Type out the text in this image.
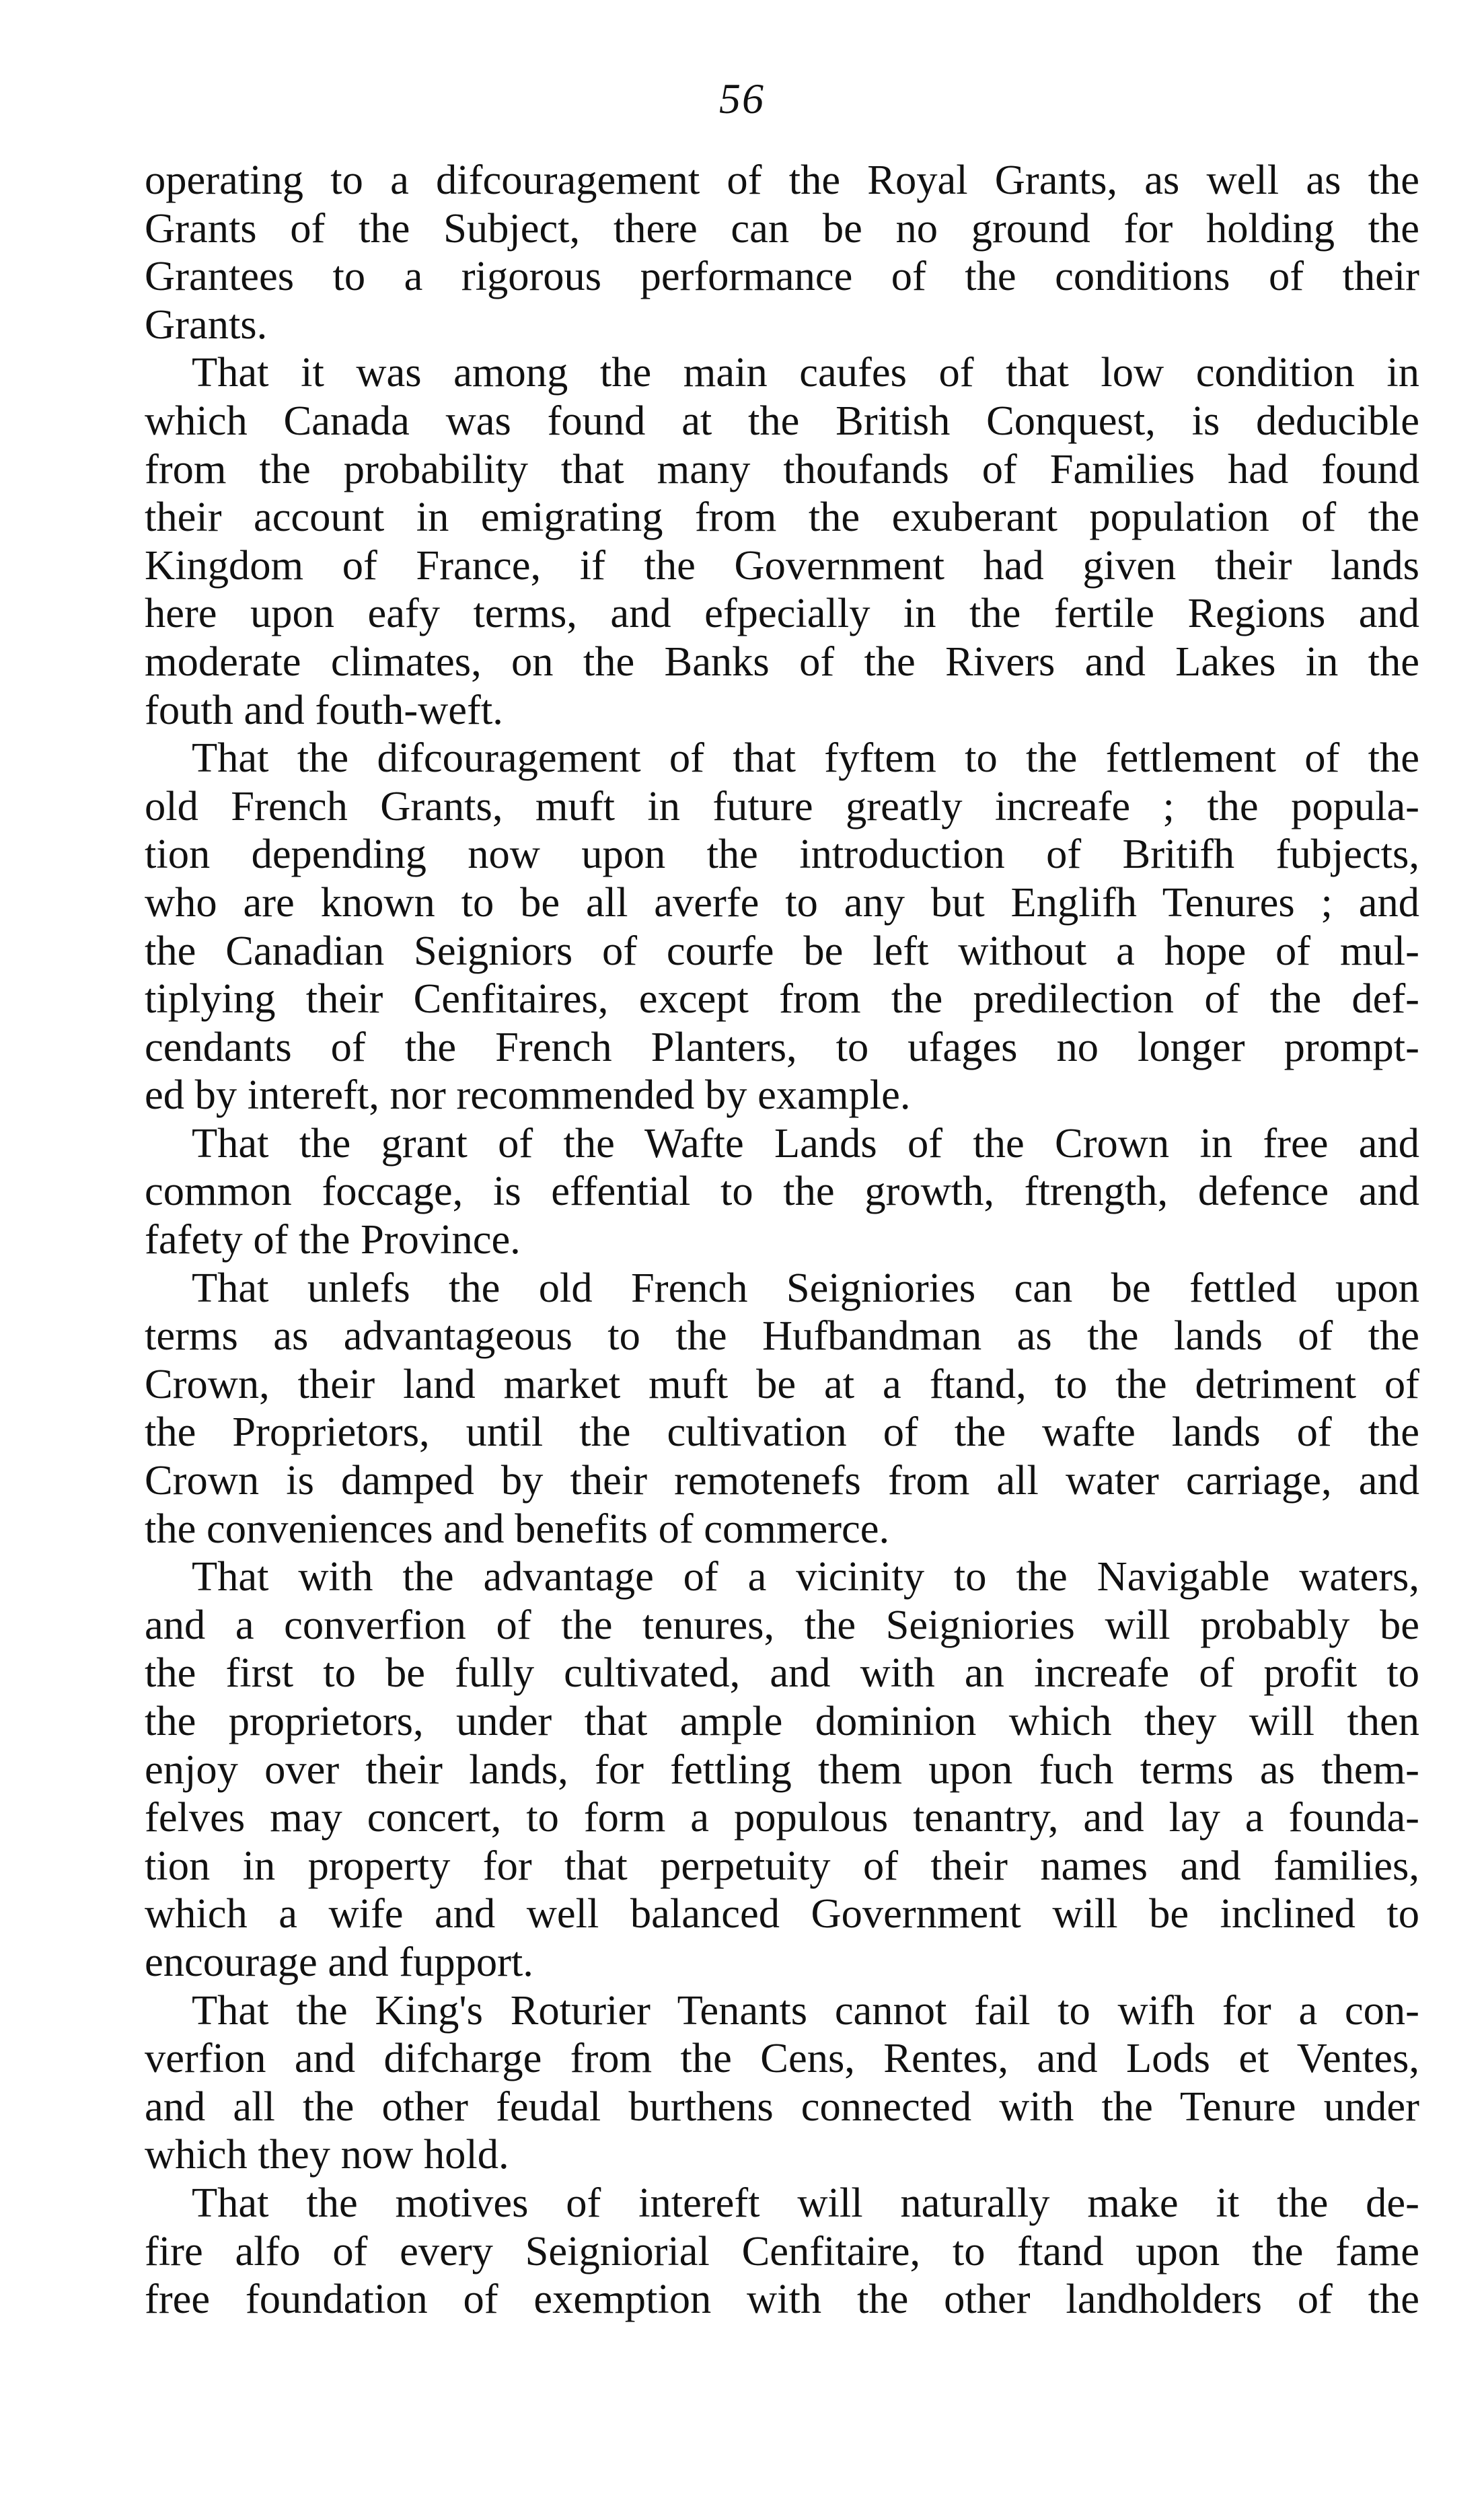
56
operating to a difcouragement of the Royal Grants, as well as the
Grants of the Subject, there can be no ground for holding the
Grantees to a rigorous performance of the conditions of their
Grants.
That it was among the main caufes of that low condition in
which Canada was found at the British Conquest, is deducible
from the probability that many thoufands of Families had found
their account in emigrating from the exuberant population of the
Kingdom of France, if the Government had given their lands
here upon eafy terms, and efpecially in the fertile Regions and
moderate climates, on the Banks of the Rivers and Lakes in the
fouth and fouth-weft.
That the difcouragement of that fyftem to the fettlement of the
old French Grants, muft in future greatly increafe ; the popula-
tion depending now upon the introduction of Britifh fubjects,
who are known to be all averfe to any but Englifh Tenures ; and
the Canadian Seigniors of courfe be left without a hope of mul-
tiplying their Cenfitaires, except from the predilection of the def-
cendants of the French Planters, to ufages no longer prompt-
ed by intereft, nor recommended by example.
That the grant of the Wafte Lands of the Crown in free and
common foccage, is effential to the growth, ftrength, defence and
fafety of the Province.
That unlefs the old French Seigniories can be fettled upon
terms as advantageous to the Hufbandman as the lands of the
Crown, their land market muft be at a ftand, to the detriment of
the Proprietors, until the cultivation of the wafte lands of the
Crown is damped by their remotenefs from all water carriage, and
the conveniences and benefits of commerce.
That with the advantage of a vicinity to the Navigable waters,
and a converfion of the tenures, the Seigniories will probably be
the first to be fully cultivated, and with an increafe of profit to
the proprietors, under that ample dominion which they will then
enjoy over their lands, for fettling them upon fuch terms as them-
felves may concert, to form a populous tenantry, and lay a founda-
tion in property for that perpetuity of their names and families,
which a wife and well balanced Government will be inclined to
encourage and fupport.
That the King's Roturier Tenants cannot fail to wifh for a con-
verfion and difcharge from the Cens, Rentes, and Lods et Ventes,
and all the other feudal burthens connected with the Tenure under
which they now hold.
That the motives of intereft will naturally make it the de-
fire alfo of every Seigniorial Cenfitaire, to ftand upon the fame
free foundation of exemption with the other landholders of the
